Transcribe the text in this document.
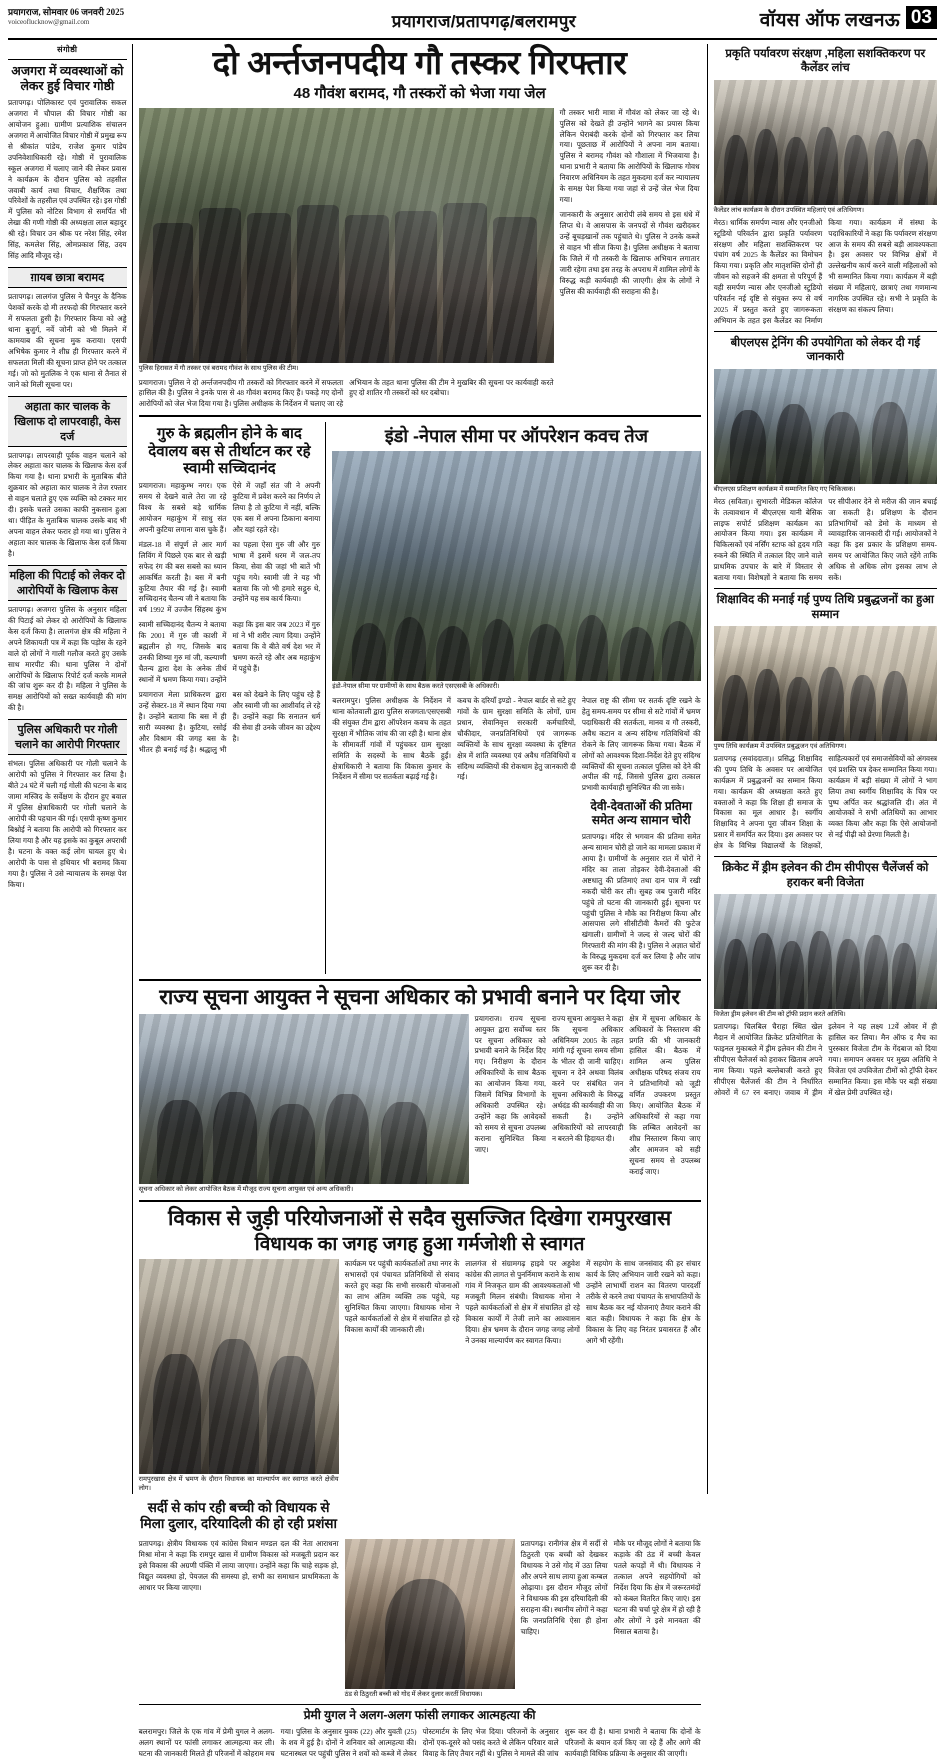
प्रयागराज, सोमवार 06 जनवरी 2025
voiceoflucknow@gmail.com	प्रयागराज/प्रतापगढ़/बलरामपुर	वॉयस ऑफ लखनऊ 03
संगोष्ठी
अजगरा में व्यवस्थाओं को लेकर हुई विचार गोष्ठी
प्रतापगढ़। पोलिकास्ट एवं पुरावालिक सकल अजगरा में चौपाल की विचार गोष्ठी का आयोजन हुआ। ग्रामीण प्रत्याशिक संचालन अजगरा में आयोजित विचार गोष्ठी में प्रमुख रूप से श्रीकांत पांडेय, राजेश कुमार पांडेय उपनिवेशाधिकारी रहे। गोष्ठी में पुरावालिक स्कूल अजगरा में चलाए जाने की लेकर प्रवास ने कार्यक्रम के दौरान पुलिस को तहसील जवाबी कार्य तथा विचार, शैक्षणिक तथा परिवेशों के तहसील एवं उपस्थित रहे। इस गोष्ठी में पुलिस को नोटिस विभाग से समर्पित भी लेखा की गणी गोष्ठी की अध्यक्षता लाल बहादुर श्री रहे। विचार उन श्रीक पर नरेश सिंह, रमेश सिंह, कमलेश सिंह, ओमप्रकाश सिंह, उदय सिंह आदि मौजूद रहे।
ग़ायब छात्रा बरामद
प्रतापगढ़। लालगंज पुलिस ने चैनपुर के दैनिक पेशकों करके दो मी तरफदो की गिरफ्तार करने में सफलता हुसी है। गिरफ्तार किया को अड्डे थाना बुजुर्ग, नर्वे जोनी को भी मिलने में कामयाब की सूचना मुक कराया। एसपी अभिषेक कुमार ने शीघ्र ही गिरफ्तार करने में सफलता मिली की सूचना प्राप्त होने पर तत्काल गई। जो को मुतलिक ने एक थाना से तैनात से जाने को मिली सूचना पर।
अहाता कार चालक के खिलाफ दो लापरवाही, केस दर्ज
प्रतापगढ़। लापरवाही पूर्वक वाहन चलाने को लेकर अहाता कार चालक के खिलाफ केस दर्ज किया गया है। थाना प्रभारी के मुताबिक बीते शुक्रवार को अहाता कार चालक ने तेज रफ्तार से वाहन चलाते हुए एक व्यक्ति को टक्कर मार दी। इसके चलते उसका काफी नुकसान हुआ था। पीड़ित के मुताबिक चालक उसके बाद भी अपना वाहन लेकर फरार हो गया था। पुलिस ने अहाता कार चालक के खिलाफ केस दर्ज किया है।
महिला की पिटाई को लेकर दो आरोपियों के खिलाफ केस
प्रतापगढ़। अजगरा पुलिस के अनुसार महिला की पिटाई को लेकर दो आरोपियों के खिलाफ केस दर्ज किया है। लालगंज क्षेत्र की महिला ने अपने शिकायती पत्र में कहा कि पड़ोस के रहने वाले दो लोगों ने गाली गलौज करते हुए उसके साथ मारपीट की। थाना पुलिस ने दोनों आरोपियों के खिलाफ रिपोर्ट दर्ज करके मामले की जांच शुरू कर दी है। महिला ने पुलिस के समक्ष आरोपियों को सख्त कार्यवाही की मांग की है।
पुलिस अधिकारी पर गोली चलाने का आरोपी गिरफ्तार
संभल। पुलिस अधिकारी पर गोली चलाने के आरोपी को पुलिस ने गिरफ्तार कर लिया है। बीते 24 घंटे में चली गई गोली की घटना के बाद जामा मस्जिद के सर्वेक्षण के दौरान हुए बवाल में पुलिस क्षेत्राधिकारी पर गोली चलाने के आरोपी की पहचान की गई। एसपी कृष्ण कुमार बिश्नोई ने बताया कि आरोपी को गिरफ्तार कर लिया गया है और यह इसके का कुबूल अपराधी है। घटना के वक्त कई लोग घायल हुए थे। आरोपी के पास से हथियार भी बरामद किया गया है। पुलिस ने उसे न्यायालय के समक्ष पेश किया।
दो अर्न्तजनपदीय गौ तस्कर गिरफ्तार
48 गौवंश बरामद, गौ तस्करों को भेजा गया जेल
पुलिस हिरासत में गौ तस्कर एवं बरामद गौवंश के साथ पुलिस की टीम।
प्रयागराज। पुलिस ने दो अर्न्तजनपदीय गौ तस्करों को गिरफ्तार करने में सफलता हासिल की है। पुलिस ने इनके पास से 48 गौवंश बरामद किए हैं। पकड़े गए दोनों आरोपियों को जेल भेज दिया गया है। पुलिस अधीक्षक के निर्देशन में चलाए जा रहे अभियान के तहत थाना पुलिस की टीम ने मुखबिर की सूचना पर कार्यवाही करते हुए दो शातिर गौ तस्करों को धर दबोचा।
गौ तस्कर भारी मात्रा में गौवंश को लेकर जा रहे थे। पुलिस को देखते ही उन्होंने भागने का प्रयास किया लेकिन घेराबंदी करके दोनों को गिरफ्तार कर लिया गया। पूछताछ में आरोपियों ने अपना नाम बताया। पुलिस ने बरामद गौवंश को गौशाला में भिजवाया है। थाना प्रभारी ने बताया कि आरोपियों के खिलाफ गोवध निवारण अधिनियम के तहत मुकदमा दर्ज कर न्यायालय के समक्ष पेश किया गया जहां से उन्हें जेल भेज दिया गया।
जानकारी के अनुसार आरोपी लंबे समय से इस धंधे में लिप्त थे। वे आसपास के जनपदों से गौवंश खरीदकर उन्हें बूचड़खानों तक पहुंचाते थे। पुलिस ने उनके कब्जे से वाहन भी सीज किया है। पुलिस अधीक्षक ने बताया कि जिले में गौ तस्करी के खिलाफ अभियान लगातार जारी रहेगा तथा इस तरह के अपराध में शामिल लोगों के विरुद्ध कड़ी कार्यवाही की जाएगी। क्षेत्र के लोगों ने पुलिस की कार्यवाही की सराहना की है।
गुरु के ब्रह्मलीन होने के बाद देवालय बस से तीर्थाटन कर रहे स्वामी सच्चिदानंद
प्रयागराज। महाकुम्भ नगर। एक समय से देखने वाले तेरा जा रहे विश्व के सबसे बड़े धार्मिक आयोजन महाकुंभ में साधु संत अपनी कुटिया लगाना वास चुके हैं। ऐसे में जहाँ संत जी ने अपनी कुटिया में प्रवेश करने का निर्णय ले लिया है तो कुटिया में नहीं, बल्कि एक बस में अपना ठिकाना बनाया और यहां रहते रहे।
मंडल-18 में संपूर्ण ले आर मार्ग लिविंग में पिछले एक बार से खड़ी सफेद रंग की बस सबसे का ध्यान आकर्षित करती है। बस में बनी कुटिया तैयार की गई है। स्वामी सच्चिदानंद चैतन्य जी ने बताया कि वर्ष 1992 में उज्जैन सिंहस्थ कुंभ का पहला ऐसा गुरु जी और गुरु भाषा में इसमें धरम में जल-तप किया, सेवा की जहां भी बातें भी पहुंच गये। स्वामी जी ने यह भी बताया कि जो भी हमारे सद्गुरु थे, उन्होंने यह सब कार्य किया।
स्वामी सच्चिदानंद चैतन्य ने बताया कि 2001 में गुरु जी काशी में ब्रह्मलीन हो गए, जिसके बाद उनकी शिष्या गुरु मां जी, कल्याणी चैतन्य द्वारा देश के अनेक तीर्थ स्थानों में भ्रमण किया गया। उन्होंने कहा कि इस बार जब 2023 में गुरु मां ने भी शरीर त्याग दिया। उन्होंने बताया कि वे बीते वर्ष देश भर में भ्रमण करते रहे और अब महाकुंभ में पहुंचे हैं।
प्रयागराज मेला प्राधिकरण द्वारा उन्हें सेक्टर-18 में स्थान दिया गया है। उन्होंने बताया कि बस में ही सारी व्यवस्था है। कुटिया, रसोई और विश्राम की जगह बस के भीतर ही बनाई गई है। श्रद्धालु भी बस को देखने के लिए पहुंच रहे हैं और स्वामी जी का आशीर्वाद ले रहे हैं। उन्होंने कहा कि सनातन धर्म की सेवा ही उनके जीवन का उद्देश्य है।
इंडो -नेपाल सीमा पर ऑपरेशन कवच तेज
इंडो-नेपाल सीमा पर ग्रामीणों के साथ बैठक करते एसएसबी के अधिकारी।
बलरामपुर। पुलिस अधीक्षक के निर्देशन में थाना कोतवाली द्वारा पुलिस सजगता/एसएसबी की संयुक्त टीम द्वारा ऑपरेशन कवच के तहत सुरक्षा में भौतिक जांच की जा रही है। थाना क्षेत्र के सीमावर्ती गांवों में पहुंचकर ग्राम सुरक्षा समिति के सदस्यों के साथ बैठकें हुईं। क्षेत्राधिकारी ने बताया कि विकास कुमार के निर्देशन में सीमा पर सतर्कता बढ़ाई गई है।
कवच के दरियाँ इण्डो - नेपाल बार्डर से सटे हुए गांवों के ग्राम सुरक्षा समिति के लोगों, ग्राम प्रधान, सेवानिवृत्त सरकारी कर्मचारियों, चौकीदार, जनप्रतिनिधियों एवं जागरूक व्यक्तियों के साथ सुरक्षा व्यवस्था के दृष्टिगत क्षेत्र में शांति व्यवस्था एवं अवैध गतिविधियों व संदिग्ध व्यक्तियों की रोकथाम हेतु जानकारी दी गई।
नेपाल राष्ट्र की सीमा पर सतर्क दृष्टि रखने के हेतु समय-समय पर सीमा से सटे गांवों में भ्रमण पदाधिकारी की सतर्कता, मानव व गौ तस्करी, अवैध कटान व अन्य संदिग्ध गतिविधियों की रोकने के लिए जागरूक किया गया। बैठक में लोगों को आवश्यक दिशा-निर्देश देते हुए संदिग्ध व्यक्तियों की सूचना तत्काल पुलिस को देने की अपील की गई, जिससे पुलिस द्वारा तत्काल प्रभावी कार्यवाही सुनिश्चित की जा सके।
देवी-देवताओं की प्रतिमा समेत अन्य सामान चोरी
प्रतापगढ़। मंदिर से भगवान की प्रतिमा समेत अन्य सामान चोरी हो जाने का मामला प्रकाश में आया है। ग्रामीणों के अनुसार रात में चोरों ने मंदिर का ताला तोड़कर देवी-देवताओं की अष्टधातु की प्रतिमाएं तथा दान पात्र में रखी नकदी चोरी कर ली। सुबह जब पुजारी मंदिर पहुंचे तो घटना की जानकारी हुई। सूचना पर पहुंची पुलिस ने मौके का निरीक्षण किया और आसपास लगे सीसीटीवी कैमरों की फुटेज खंगाली। ग्रामीणों ने जल्द से जल्द चोरों की गिरफ्तारी की मांग की है। पुलिस ने अज्ञात चोरों के विरुद्ध मुकदमा दर्ज कर लिया है और जांच शुरू कर दी है।
राज्य सूचना आयुक्त ने सूचना अधिकार को प्रभावी बनाने पर दिया जोर
सूचना अधिकार को लेकर आयोजित बैठक में मौजूद राज्य सूचना आयुक्त एवं अन्य अधिकारी।
प्रयागराज। राज्य सूचना आयुक्त द्वारा सर्वोच्च स्तर पर सूचना अधिकार को प्रभावी बनाने के निर्देश दिए गए। निरीक्षण के दौरान अधिकारियों के साथ बैठक का आयोजन किया गया, जिसमें विभिन्न विभागों के अधिकारी उपस्थित रहे। उन्होंने कहा कि आवेदकों को समय से सूचना उपलब्ध कराना सुनिश्चित किया जाए।
राज्य सूचना आयुक्त ने कहा कि सूचना अधिकार अधिनियम 2005 के तहत मांगी गई सूचना समय सीमा के भीतर दी जानी चाहिए। सूचना न देने अथवा विलंब करने पर संबंधित जन सूचना अधिकारी के विरुद्ध अर्थदंड की कार्यवाही की जा सकती है। उन्होंने अधिकारियों को लापरवाही न बरतने की हिदायत दी।
क्षेत्र में सूचना अधिकार के अधिकारों के निस्तारण की प्रगति की भी जानकारी हासिल की। बैठक में शामिल अन्य पुलिस अधीक्षक परिषद संजय राय ने प्रतिभागियों को जूडी वर्णित उपकरण प्रस्तुत किए। आयोजित बैठक में अधिकारियों से कहा गया कि लम्बित आवेदनों का शीघ्र निस्तारण किया जाए और आमजन को सही सूचना समय से उपलब्ध कराई जाए।
विकास से जुड़ी परियोजनाओं से सदैव सुसज्जित दिखेगा रामपुरखास
विधायक का जगह जगह हुआ गर्मजोशी से स्वागत
रामपुरखास क्षेत्र में भ्रमण के दौरान विधायक का माल्यार्पण कर स्वागत करते क्षेत्रीय लोग।
सर्दी से कांप रही बच्ची को विधायक से मिला दुलार, दरियादिली की हो रही प्रशंसा
कार्यक्रम पर पहुंची कार्यकर्ताओं तथा नगर के सभासदों एवं पंचायत प्रतिनिधियों से संवाद करते हुए कहा कि सभी सरकारी योजनाओं का लाभ अंतिम व्यक्ति तक पहुंचे, यह सुनिश्चित किया जाएगा। विधायक मोना ने पहले कार्यकर्ताओं से क्षेत्र में संचालित हो रहे विकास कार्यों की जानकारी ली।
लालगंज से संग्रामगढ़ हाइवे पर अड्डवेश कांग्रेस की लागत से पुनर्निमाण कराने के साथ गांव में निजकृत ग्राम की आवश्यकताओं भी मजबूती मिलन संबंधी। विधायक मोना ने पहले कार्यकर्ताओं से क्षेत्र में संचालित हो रहे विकास कार्यों में तेजी लाने का आश्वासन दिया। क्षेत्र भ्रमण के दौरान जगह जगह लोगों ने उनका माल्यार्पण कर स्वागत किया।
में सहयोग के साथ जनसंवाद की हर संचार कार्य के लिए अभियान जारी रखने को कहा। उन्होंने लाभार्थी राशन का वितरण पारदर्शी तरीके से करने तथा पंचायत के सभापतियों के साथ बैठक कर नई योजनाएं तैयार कराने की बात कही। विधायक ने कहा कि क्षेत्र के विकास के लिए वह निरंतर प्रयासरत हैं और आगे भी रहेंगी।
प्रतापगढ़। क्षेत्रीय विधायक एवं कांग्रेस विधान मण्डल दल की नेता आराधना मिश्रा मोना ने कहा कि रामपुर खास में ग्रामीण विकास को मजबूती प्रदान कर इसे विकास की अग्रणी पंक्ति में लाया जाएगा। उन्होंने कहा कि चाहे सड़क हो, विद्युत व्यवस्था हो, पेयजल की समस्या हो, सभी का समाधान प्राथमिकता के आधार पर किया जाएगा।
ठंड से ठिठुरती बच्ची को गोद में लेकर दुलार करतीं विधायक।
प्रतापगढ़। रानीगंज क्षेत्र में सर्दी से ठिठुरती एक बच्ची को देखकर विधायक ने उसे गोद में उठा लिया और अपने साथ लाया हुआ कम्बल ओढ़ाया। इस दौरान मौजूद लोगों ने विधायक की इस दरियादिली की सराहना की। स्थानीय लोगों ने कहा कि जनप्रतिनिधि ऐसा ही होना चाहिए।
मौके पर मौजूद लोगों ने बताया कि कड़ाके की ठंड में बच्ची केवल पतले कपड़ों में थी। विधायक ने तत्काल अपने सहयोगियों को निर्देश दिया कि क्षेत्र में जरूरतमंदों को कंबल वितरित किए जाएं। इस घटना की चर्चा पूरे क्षेत्र में हो रही है और लोगों ने इसे मानवता की मिसाल बताया है।
प्रेमी युगल ने अलग-अलग फांसी लगाकर आत्महत्या की
बलरामपुर। जिले के एक गांव में प्रेमी युगल ने अलग-अलग स्थानों पर फांसी लगाकर आत्महत्या कर ली। घटना की जानकारी मिलते ही परिजनों में कोहराम मच गया। पुलिस के अनुसार युवक (22) और युवती (25) के शव में हुई है। दोनों ने शनिवार को आत्महत्या की। घटनास्थल पर पहुंची पुलिस ने शवों को कब्जे में लेकर पोस्टमार्टम के लिए भेज दिया। परिजनों के अनुसार दोनों एक-दूसरे को पसंद करते थे लेकिन परिवार वाले विवाह के लिए तैयार नहीं थे। पुलिस ने मामले की जांच शुरू कर दी है। थाना प्रभारी ने बताया कि दोनों के परिजनों के बयान दर्ज किए जा रहे हैं और आगे की कार्यवाही विधिक प्रक्रिया के अनुसार की जाएगी।
प्रकृति पर्यावरण संरक्षण ,महिला सशक्तिकरण पर कैलेंडर लांच
कैलेंडर लांच कार्यक्रम के दौरान उपस्थित महिलाएं एवं अतिथिगण।
मेरठ। धार्मिक समर्पण न्यास और एनजीओ स्टूडियो परिवर्तन द्वारा प्रकृति पर्यावरण संरक्षण और महिला सशक्तिकरण पर पंचांग वर्ष 2025 के कैलेंडर का विमोचन किया गया। प्रकृति और मातृशक्ति दोनों ही जीवन को सहजने की क्षमता से परिपूर्ण हैं यही समर्पण न्यास और एनजीओ स्टूडियो परिवर्तन नई दृष्टि से संयुक्त रूप से वर्ष 2025 में प्रस्तुत करते हुए जागरूकता अभियान के तहत इस कैलेंडर का निर्माण किया गया। कार्यक्रम में संस्था के पदाधिकारियों ने कहा कि पर्यावरण संरक्षण आज के समय की सबसे बड़ी आवश्यकता है। इस अवसर पर विभिन्न क्षेत्रों में उल्लेखनीय कार्य करने वाली महिलाओं को भी सम्मानित किया गया। कार्यक्रम में बड़ी संख्या में महिलाएं, छात्राएं तथा गणमान्य नागरिक उपस्थित रहे। सभी ने प्रकृति के संरक्षण का संकल्प लिया।
बीएलएस ट्रेनिंग की उपयोगिता को लेकर दी गई जानकारी
बीएलएस प्रशिक्षण कार्यक्रम में सम्मानित किए गए चिकित्सक।
मेरठ (सविता)। सुभारती मेडिकल कॉलेज के तत्वावधान में बीएलएस यानी बेसिक लाइफ सपोर्ट प्रशिक्षण कार्यक्रम का आयोजन किया गया। इस कार्यक्रम में चिकित्सकों एवं नर्सिंग स्टाफ को हृदय गति रुकने की स्थिति में तत्काल दिए जाने वाले प्राथमिक उपचार के बारे में विस्तार से बताया गया। विशेषज्ञों ने बताया कि समय पर सीपीआर देने से मरीज की जान बचाई जा सकती है। प्रशिक्षण के दौरान प्रतिभागियों को डेमो के माध्यम से व्यावहारिक जानकारी दी गई। आयोजकों ने कहा कि इस प्रकार के प्रशिक्षण समय-समय पर आयोजित किए जाते रहेंगे ताकि अधिक से अधिक लोग इसका लाभ ले सकें।
शिक्षाविद की मनाई गई पुण्य तिथि प्रबुद्धजनों का हुआ सम्मान
पुण्य तिथि कार्यक्रम में उपस्थित प्रबुद्धजन एवं अतिथिगण।
प्रतापगढ़ (सवांददाता)। प्रसिद्ध शिक्षाविद की पुण्य तिथि के अवसर पर आयोजित कार्यक्रम में प्रबुद्धजनों का सम्मान किया गया। कार्यक्रम की अध्यक्षता करते हुए वक्ताओं ने कहा कि शिक्षा ही समाज के विकास का मूल आधार है। स्वर्गीय शिक्षाविद ने अपना पूरा जीवन शिक्षा के प्रसार में समर्पित कर दिया। इस अवसर पर क्षेत्र के विभिन्न विद्यालयों के शिक्षकों, साहित्यकारों एवं समाजसेवियों को अंगवस्त्र एवं प्रशस्ति पत्र देकर सम्मानित किया गया। कार्यक्रम में बड़ी संख्या में लोगों ने भाग लिया तथा स्वर्गीय शिक्षाविद के चित्र पर पुष्प अर्पित कर श्रद्धांजलि दी। अंत में आयोजकों ने सभी अतिथियों का आभार व्यक्त किया और कहा कि ऐसे आयोजनों से नई पीढ़ी को प्रेरणा मिलती है।
क्रिकेट में ड्रीम इलेवन की टीम सीपीएस चैलेंजर्स को हराकर बनी विजेता
विजेता ड्रीम इलेवन की टीम को ट्रॉफी प्रदान करते अतिथि।
प्रतापगढ़। चिलबिल चैराहा स्थित खेल मैदान में आयोजित क्रिकेट प्रतियोगिता के फाइनल मुकाबले में ड्रीम इलेवन की टीम ने सीपीएस चैलेंजर्स को हराकर खिताब अपने नाम किया। पहले बल्लेबाजी करते हुए सीपीएस चैलेंजर्स की टीम ने निर्धारित ओवरों में 67 रन बनाए। जवाब में ड्रीम इलेवन ने यह लक्ष्य 12वें ओवर में ही हासिल कर लिया। मैन ऑफ द मैच का पुरस्कार विजेता टीम के गेंदबाज को दिया गया। समापन अवसर पर मुख्य अतिथि ने विजेता एवं उपविजेता टीमों को ट्रॉफी देकर सम्मानित किया। इस मौके पर बड़ी संख्या में खेल प्रेमी उपस्थित रहे।
